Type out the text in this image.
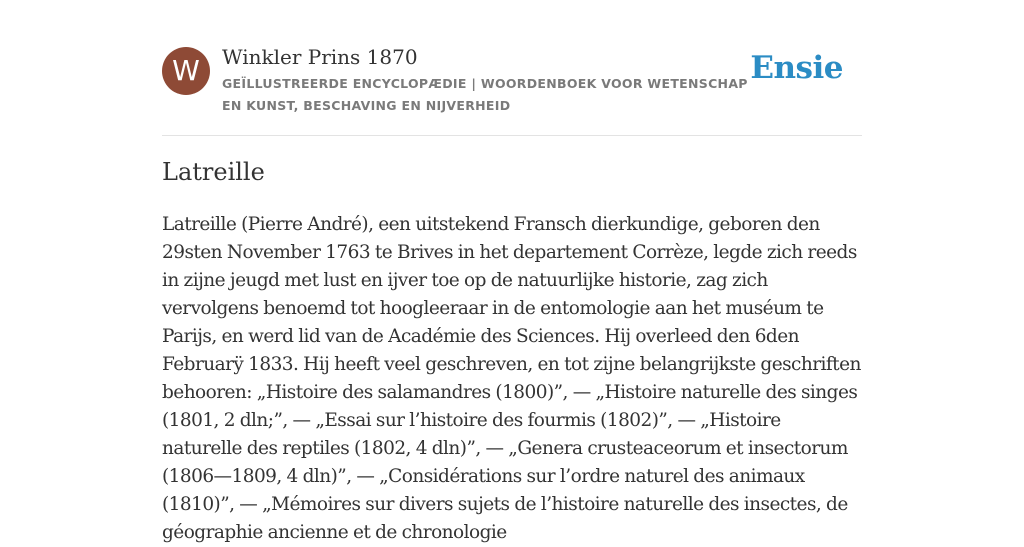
W	Winkler Prins 1870
GEÏLLUSTREERDE ENCYCLOPÆDIE | WOORDENBOEK VOOR WETENSCHAP EN KUNST, BESCHAVING EN NIJVERHEID
Ensie
Latreille

Latreille (Pierre André), een uitstekend Fransch dierkundige, geboren den 29sten November 1763 te Brives in het departement Corrèze, legde zich reeds in zijne jeugd met lust en ijver toe op de natuurlijke historie, zag zich vervolgens benoemd tot hoogleeraar in de entomologie aan het muséum te Parijs, en werd lid van de Académie des Sciences. Hij overleed den 6den Februarÿ 1833. Hij heeft veel geschreven, en tot zijne belangrijkste geschriften behooren: „Histoire des salamandres (1800)”, — „Histoire naturelle des singes (1801, 2 dln;”, — „Essai sur l’histoire des fourmis (1802)”, — „Histoire naturelle des reptiles (1802, 4 dln)”, — „Genera crusteaceorum et insectorum (1806—1809, 4 dln)”, — „Considérations sur l’ordre naturel des animaux (1810)”, — „Mémoires sur divers sujets de l’histoire naturelle des insectes, de géographie ancienne et de chronologie
